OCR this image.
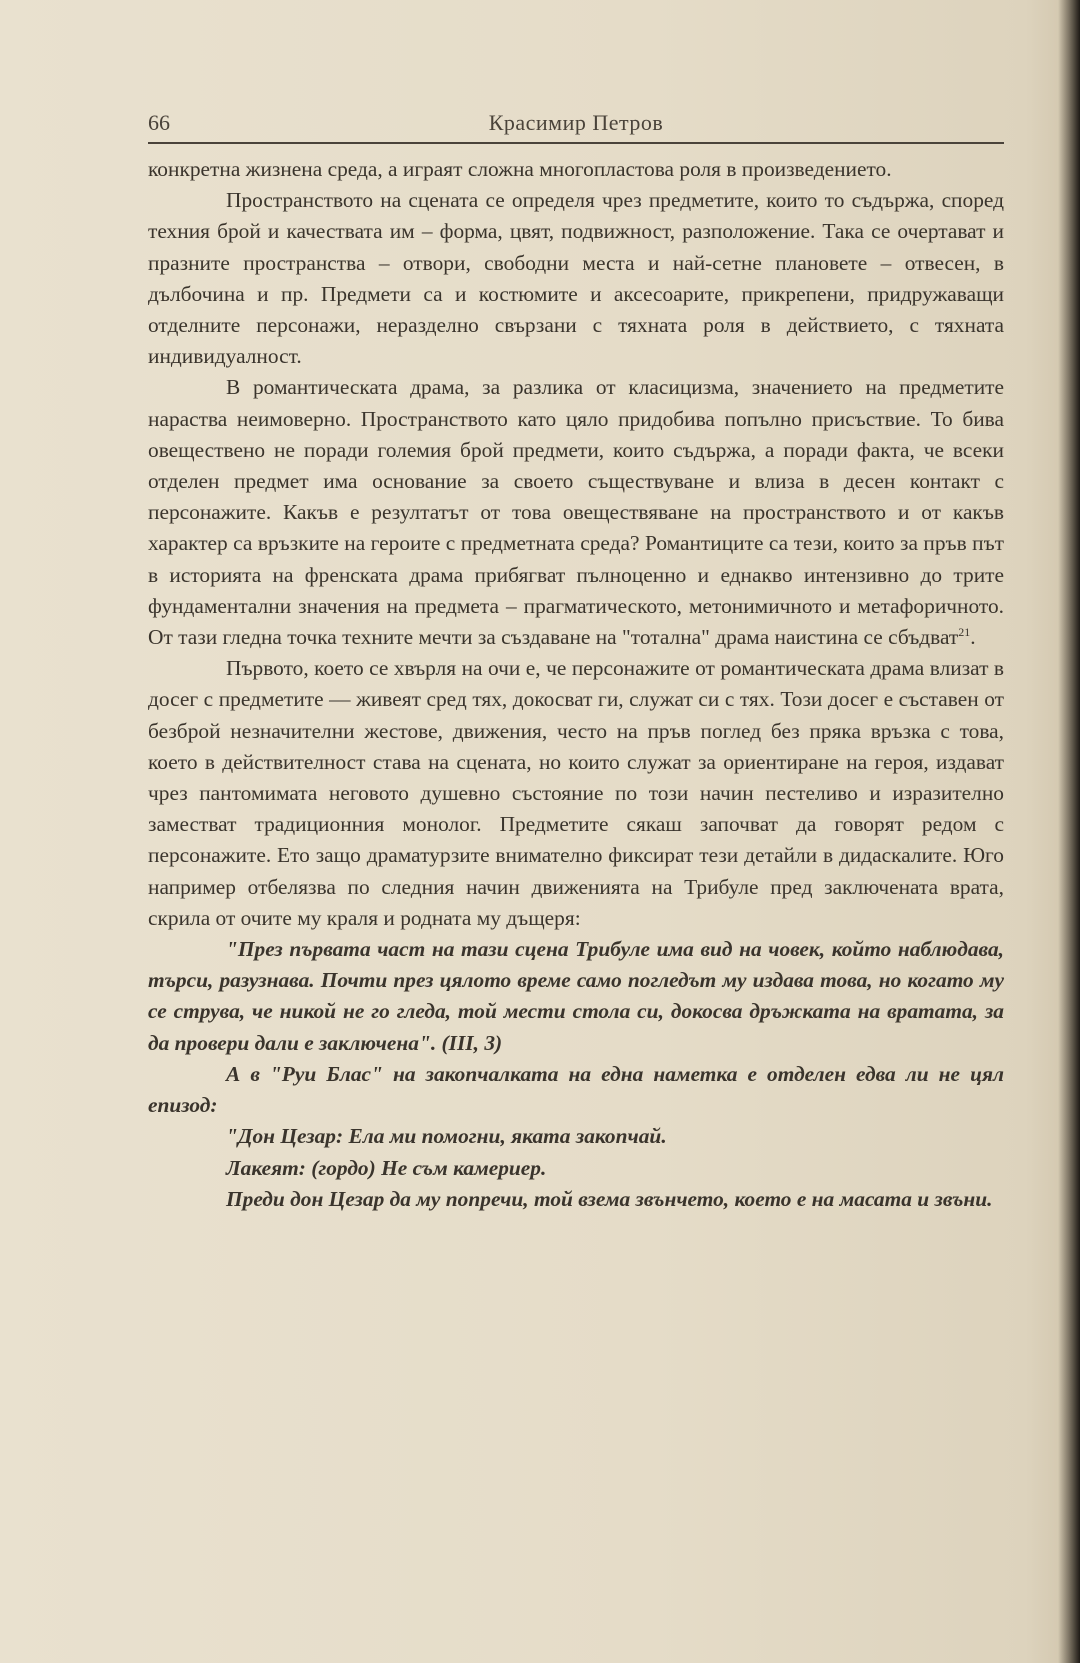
66	Красимир Петров

конкретна жизнена среда, а играят сложна многопластова роля в произведението.

Пространството на сцената се определя чрез предметите, които то съдържа, според техния брой и качествата им – форма, цвят, подвижност, разположение. Така се очертават и празните пространства – отвори, свободни места и най-сетне плановете – отвесен, в дълбочина и пр. Предмети са и костюмите и аксесоарите, прикрепени, придружаващи отделните персонажи, неразделно свързани с тяхната роля в действието, с тяхната индивидуалност.

В романтическата драма, за разлика от класицизма, значението на предметите нараства неимоверно. Пространството като цяло придобива попълно присъствие. То бива овеществено не поради големия брой предмети, които съдържа, а поради факта, че всеки отделен предмет има основание за своето съществуване и влиза в десен контакт с персонажите. Какъв е резултатът от това овеществяване на пространството и от какъв характер са връзките на героите с предметната среда? Романтиците са тези, които за пръв път в историята на френската драма прибягват пълноценно и еднакво интензивно до трите фундаментални значения на предмета – прагматическото, метонимичното и метафоричното. От тази гледна точка техните мечти за създаване на "тотална" драма наистина се сбъдват$^{21}$.

Първото, което се хвърля на очи е, че персонажите от романтическата драма влизат в досег с предметите — живеят сред тях, докосват ги, служат си с тях. Този досег е съставен от безброй незначителни жестове, движения, често на пръв поглед без пряка връзка с това, което в действителност става на сцената, но които служат за ориентиране на героя, издават чрез пантомимата неговото душевно състояние по този начин пестеливо и изразително заместват традиционния монолог. Предметите сякаш започват да говорят редом с персонажите. Ето защо драматурзите внимателно фиксират тези детайли в дидаскалите. Юго например отбелязва по следния начин движенията на Трибуле пред заключената врата, скрила от очите му краля и родната му дъщеря:

"През първата част на тази сцена Трибуле има вид на човек, който наблюдава, търси, разузнава. Почти през цялото време само погледът му издава това, но когато му се струва, че никой не го гледа, той мести стола си, докосва дръжката на вратата, за да провери дали е заключена". (III, 3)

А в "Руи Блас" на закопчалката на една наметка е отделен едва ли не цял епизод:

"Дон Цезар: Ела ми помогни, яката закопчай.

Лакеят: (гордо) Не съм камериер.

Преди дон Цезар да му попречи, той взема звънчето, което е на масата и звъни.
